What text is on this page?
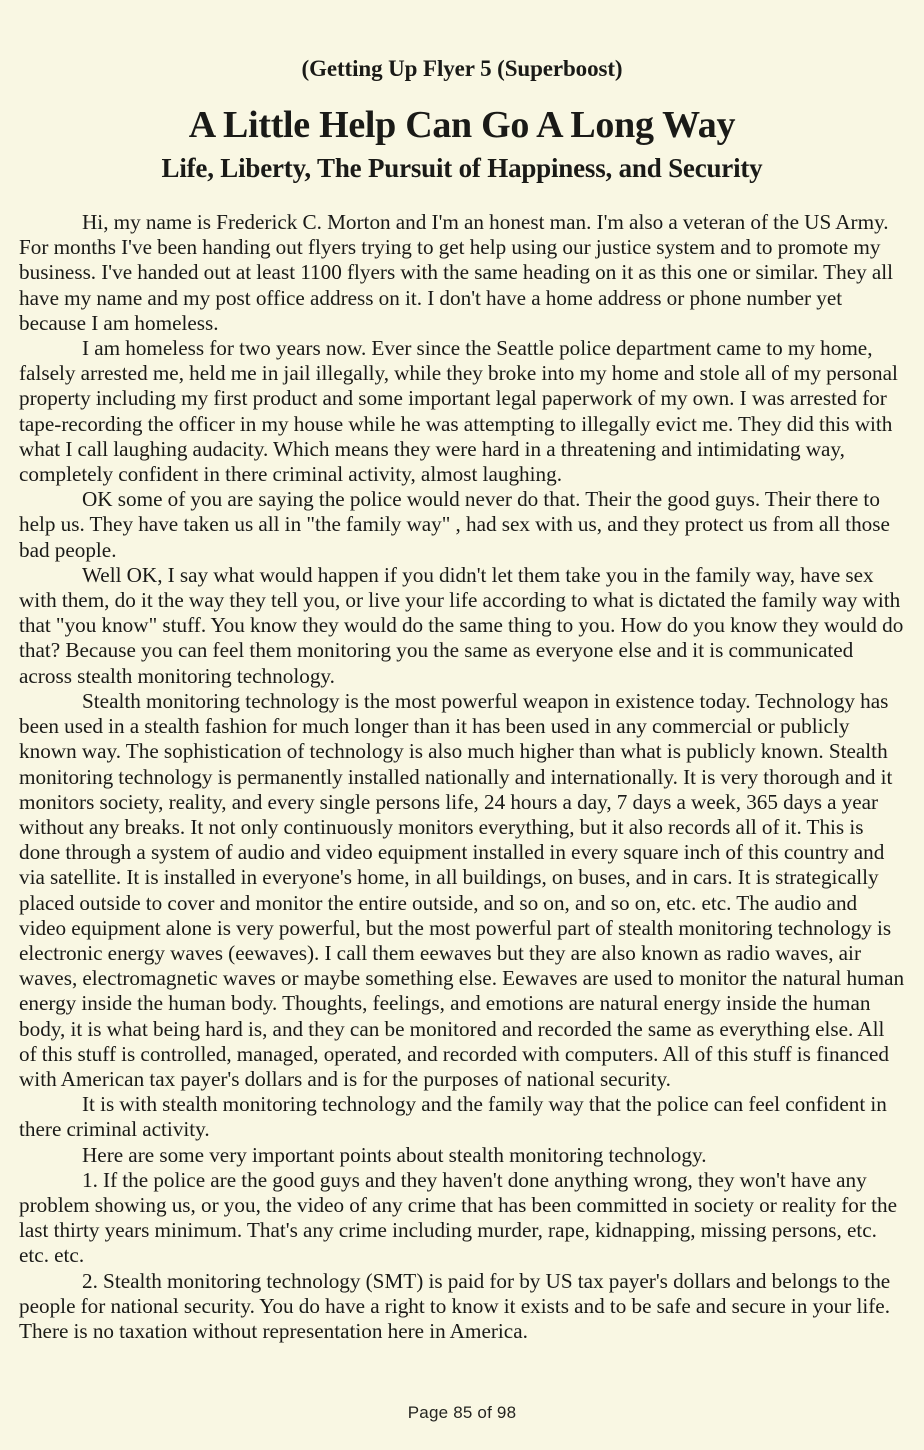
(Getting Up Flyer 5 (Superboost)
A Little Help Can Go A Long Way
Life, Liberty, The Pursuit of Happiness, and Security

Hi, my name is Frederick C. Morton and I'm an honest man. I'm also a veteran of the US Army. For months I've been handing out flyers trying to get help using our justice system and to promote my business. I've handed out at least 1100 flyers with the same heading on it as this one or similar. They all have my name and my post office address on it. I don't have a home address or phone number yet because I am homeless.

I am homeless for two years now. Ever since the Seattle police department came to my home, falsely arrested me, held me in jail illegally, while they broke into my home and stole all of my personal property including my first product and some important legal paperwork of my own. I was arrested for tape-recording the officer in my house while he was attempting to illegally evict me. They did this with what I call laughing audacity. Which means they were hard in a threatening and intimidating way, completely confident in there criminal activity, almost laughing.

OK some of you are saying the police would never do that. Their the good guys. Their there to help us. They have taken us all in "the family way" , had sex with us, and they protect us from all those bad people.

Well OK, I say what would happen if you didn't let them take you in the family way, have sex with them, do it the way they tell you, or live your life according to what is dictated the family way with that "you know" stuff. You know they would do the same thing to you. How do you know they would do that? Because you can feel them monitoring you the same as everyone else and it is communicated across stealth monitoring technology.

Stealth monitoring technology is the most powerful weapon in existence today. Technology has been used in a stealth fashion for much longer than it has been used in any commercial or publicly known way. The sophistication of technology is also much higher than what is publicly known. Stealth monitoring technology is permanently installed nationally and internationally. It is very thorough and it monitors society, reality, and every single persons life, 24 hours a day, 7 days a week, 365 days a year without any breaks. It not only continuously monitors everything, but it also records all of it. This is done through a system of audio and video equipment installed in every square inch of this country and via satellite. It is installed in everyone's home, in all buildings, on buses, and in cars. It is strategically placed outside to cover and monitor the entire outside, and so on, and so on, etc. etc. The audio and video equipment alone is very powerful, but the most powerful part of stealth monitoring technology is electronic energy waves (eewaves). I call them eewaves but they are also known as radio waves, air waves, electromagnetic waves or maybe something else. Eewaves are used to monitor the natural human energy inside the human body. Thoughts, feelings, and emotions are natural energy inside the human body, it is what being hard is, and they can be monitored and recorded the same as everything else. All of this stuff is controlled, managed, operated, and recorded with computers. All of this stuff is financed with American tax payer's dollars and is for the purposes of national security.

It is with stealth monitoring technology and the family way that the police can feel confident in there criminal activity.

Here are some very important points about stealth monitoring technology.

1. If the police are the good guys and they haven't done anything wrong, they won't have any problem showing us, or you, the video of any crime that has been committed in society or reality for the last thirty years minimum. That's any crime including murder, rape, kidnapping, missing persons, etc. etc. etc.

2. Stealth monitoring technology (SMT) is paid for by US tax payer's dollars and belongs to the people for national security. You do have a right to know it exists and to be safe and secure in your life. There is no taxation without representation here in America.

Page 85 of 98
